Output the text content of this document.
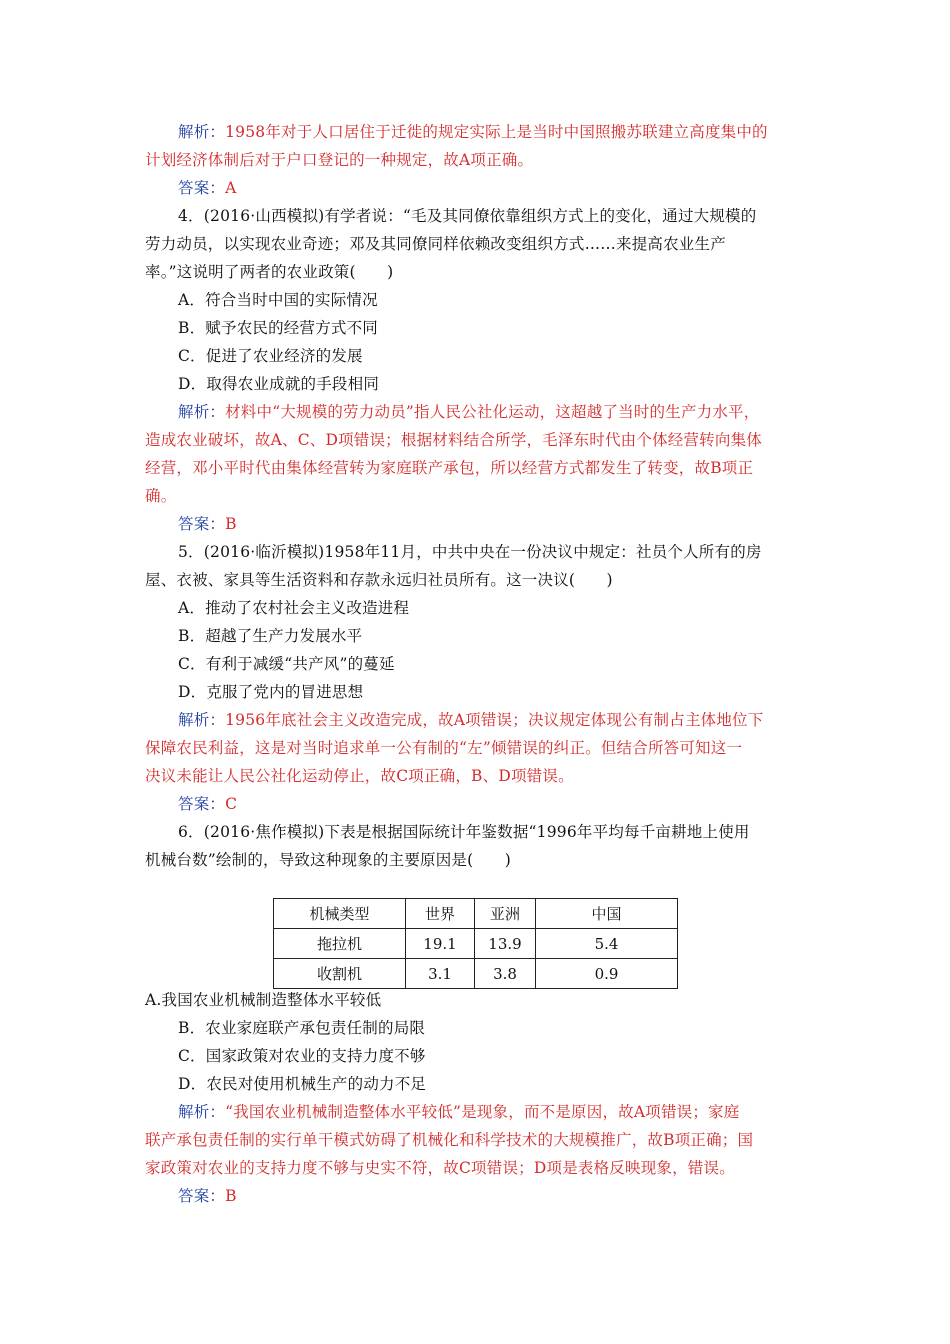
解析：1958年对于人口居住于迁徙的规定实际上是当时中国照搬苏联建立高度集中的
计划经济体制后对于户口登记的一种规定，故A项正确。
答案：A
4．(2016·山西模拟)有学者说：“毛及其同僚依靠组织方式上的变化，通过大规模的
劳力动员，以实现农业奇迹；邓及其同僚同样依赖改变组织方式……来提高农业生产
率。”这说明了两者的农业政策(　　)
A．符合当时中国的实际情况
B．赋予农民的经营方式不同
C．促进了农业经济的发展
D．取得农业成就的手段相同
解析：材料中“大规模的劳力动员”指人民公社化运动，这超越了当时的生产力水平，
造成农业破坏，故A、C、D项错误；根据材料结合所学，毛泽东时代由个体经营转向集体
经营，邓小平时代由集体经营转为家庭联产承包，所以经营方式都发生了转变，故B项正
确。
答案：B
5．(2016·临沂模拟)1958年11月，中共中央在一份决议中规定：社员个人所有的房
屋、衣被、家具等生活资料和存款永远归社员所有。这一决议(　　)
A．推动了农村社会主义改造进程
B．超越了生产力发展水平
C．有利于减缓“共产风”的蔓延
D．克服了党内的冒进思想
解析：1956年底社会主义改造完成，故A项错误；决议规定体现公有制占主体地位下
保障农民利益，这是对当时追求单一公有制的“左”倾错误的纠正。但结合所答可知这一
决议未能让人民公社化运动停止，故C项正确，B、D项错误。
答案：C
6．(2016·焦作模拟)下表是根据国际统计年鉴数据“1996年平均每千亩耕地上使用
机械台数”绘制的，导致这种现象的主要原因是(　　)
A.我国农业机械制造整体水平较低
B．农业家庭联产承包责任制的局限
C．国家政策对农业的支持力度不够
D．农民对使用机械生产的动力不足
解析：“我国农业机械制造整体水平较低”是现象，而不是原因，故A项错误；家庭
联产承包责任制的实行单干模式妨碍了机械化和科学技术的大规模推广，故B项正确；国
家政策对农业的支持力度不够与史实不符，故C项错误；D项是表格反映现象，错误。
答案：B
机械类型	世界	亚洲	中国
拖拉机	19.1	13.9	5.4
收割机	3.1	3.8	0.9
